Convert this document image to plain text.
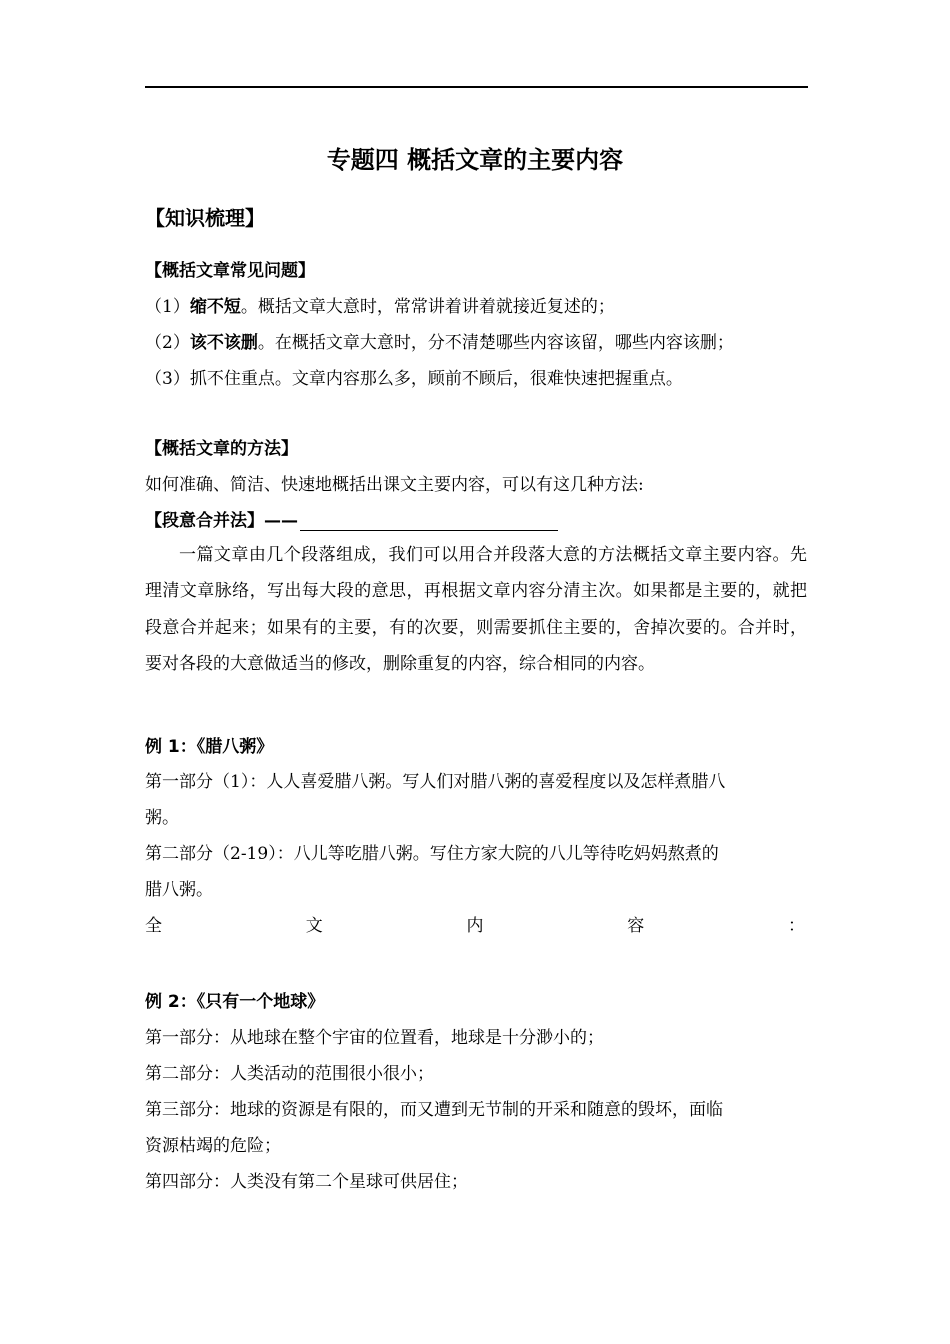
专题四 概括文章的主要内容
【知识梳理】
【概括文章常见问题】
（1）缩不短。概括文章大意时，常常讲着讲着就接近复述的；
（2）该不该删。在概括文章大意时，分不清楚哪些内容该留，哪些内容该删；
（3）抓不住重点。文章内容那么多，顾前不顾后，很难快速把握重点。
【概括文章的方法】
如何准确、简洁、快速地概括出课文主要内容，可以有这几种方法:
【段意合并法】——
一篇文章由几个段落组成，我们可以用合并段落大意的方法概括文章主要内容。先理清文章脉络，写出每大段的意思，再根据文章内容分清主次。如果都是主要的，就把段意合并起来；如果有的主要，有的次要，则需要抓住主要的，舍掉次要的。合并时，要对各段的大意做适当的修改，删除重复的内容，综合相同的内容。
例 1：《腊八粥》
第一部分（1）：人人喜爱腊八粥。写人们对腊八粥的喜爱程度以及怎样煮腊八
粥。
第二部分（2-19）：八儿等吃腊八粥。写住方家大院的八儿等待吃妈妈熬煮的
腊八粥。
全	文	内	容	：
例 2：《只有一个地球》
第一部分：从地球在整个宇宙的位置看，地球是十分渺小的；
第二部分：人类活动的范围很小很小；
第三部分：地球的资源是有限的，而又遭到无节制的开采和随意的毁坏，面临
资源枯竭的危险；
第四部分：人类没有第二个星球可供居住；
